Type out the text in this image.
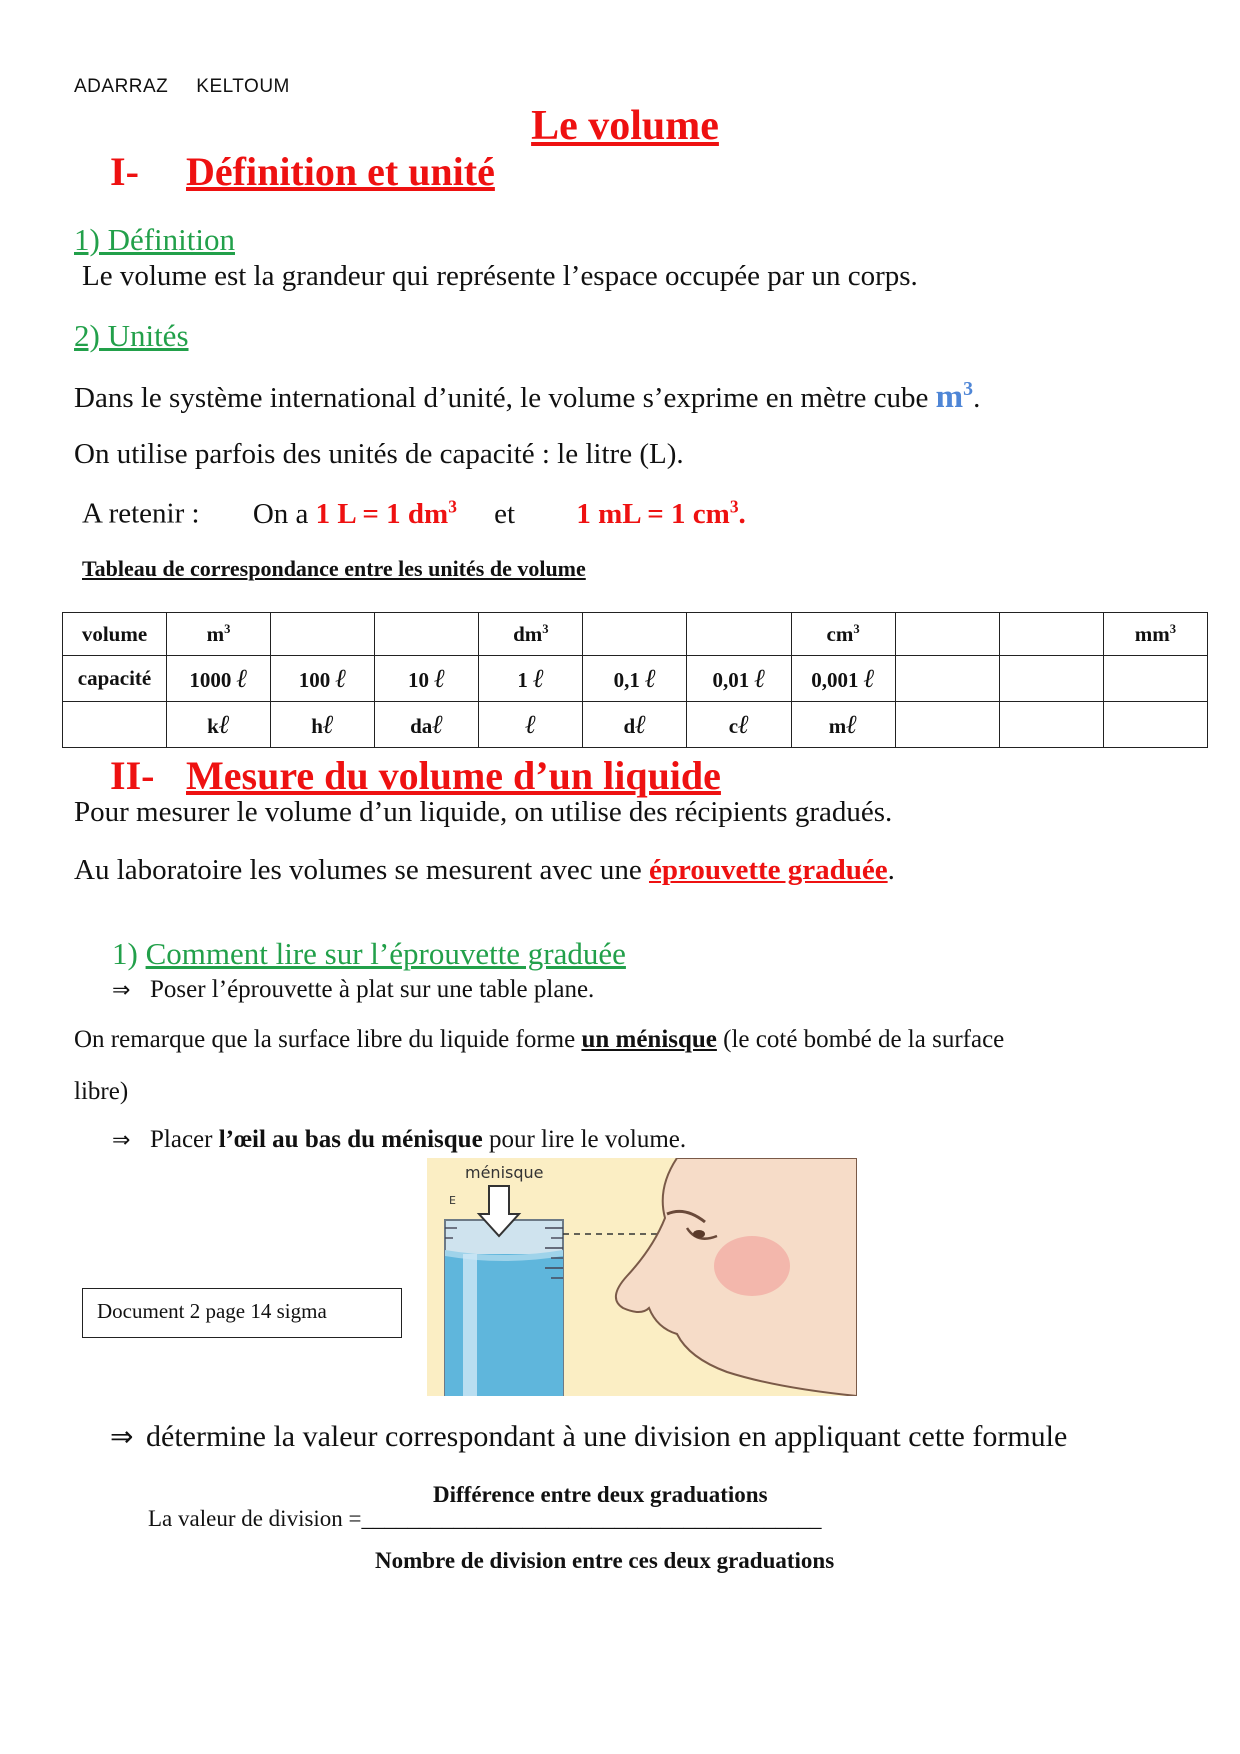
ADARRAZ KELTOUM
Le volume
I- Définition et unité
1) Définition
Le volume est la grandeur qui représente l’espace occupée par un corps.
2) Unités
Dans le système international d’unité, le volume s’exprime en mètre cube $m^3$.
On utilise parfois des unités de capacité : le litre (L).
A retenir : On a 1 L = 1 $dm^3$ et 1 mL = 1 $cm^3$.
Tableau de correspondance entre les unités de volume
volume	$m^3$			$dm^3$			$cm^3$			$mm^3$
capacité	1000 ℓ	100 ℓ	10 ℓ	1 ℓ	0,1 ℓ	0,01 ℓ	0,001 ℓ			
	kℓ	hℓ	daℓ	ℓ	dℓ	cℓ	mℓ			
II- Mesure du volume d’un liquide
Pour mesurer le volume d’un liquide, on utilise des récipients gradués.
Au laboratoire les volumes se mesurent avec une éprouvette graduée.
1) Comment lire sur l’éprouvette graduée
⇒ Poser l’éprouvette à plat sur une table plane.
On remarque que la surface libre du liquide forme un ménisque (le coté bombé de la surface
libre)
⇒ Placer l’œil au bas du ménisque pour lire le volume.
E
ménisque
Document 2 page 14 sigma
⇒ détermine la valeur correspondant à une division en appliquant cette formule
Différence entre deux graduations
La valeur de division =________________________________________
Nombre de division entre ces deux graduations
